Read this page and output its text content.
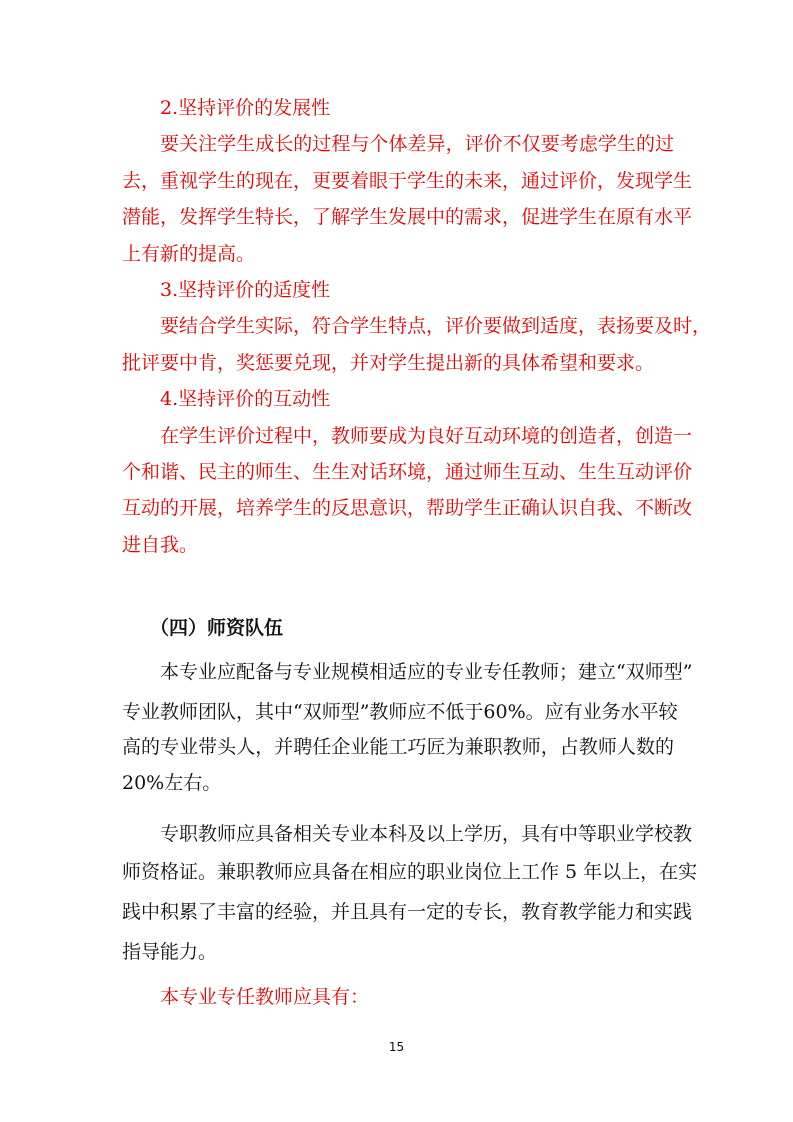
2.坚持评价的发展性

要关注学生成长的过程与个体差异，评价不仅要考虑学生的过

去，重视学生的现在，更要着眼于学生的未来，通过评价，发现学生

潜能，发挥学生特长，了解学生发展中的需求，促进学生在原有水平

上有新的提高。

3.坚持评价的适度性

要结合学生实际，符合学生特点，评价要做到适度，表扬要及时，

批评要中肯，奖惩要兑现，并对学生提出新的具体希望和要求。

4.坚持评价的互动性

在学生评价过程中，教师要成为良好互动环境的创造者，创造一

个和谐、民主的师生、生生对话环境，通过师生互动、生生互动评价

互动的开展，培养学生的反思意识，帮助学生正确认识自我、不断改

进自我。

（四）师资队伍

本专业应配备与专业规模相适应的专业专任教师；建立“双师型”

专业教师团队，其中“双师型”教师应不低于60%。应有业务水平较

高的专业带头人，并聘任企业能工巧匠为兼职教师，占教师人数的

20%左右。

专职教师应具备相关专业本科及以上学历，具有中等职业学校教

师资格证。兼职教师应具备在相应的职业岗位上工作 5 年以上，在实

践中积累了丰富的经验，并且具有一定的专长，教育教学能力和实践

指导能力。

本专业专任教师应具有：

15
